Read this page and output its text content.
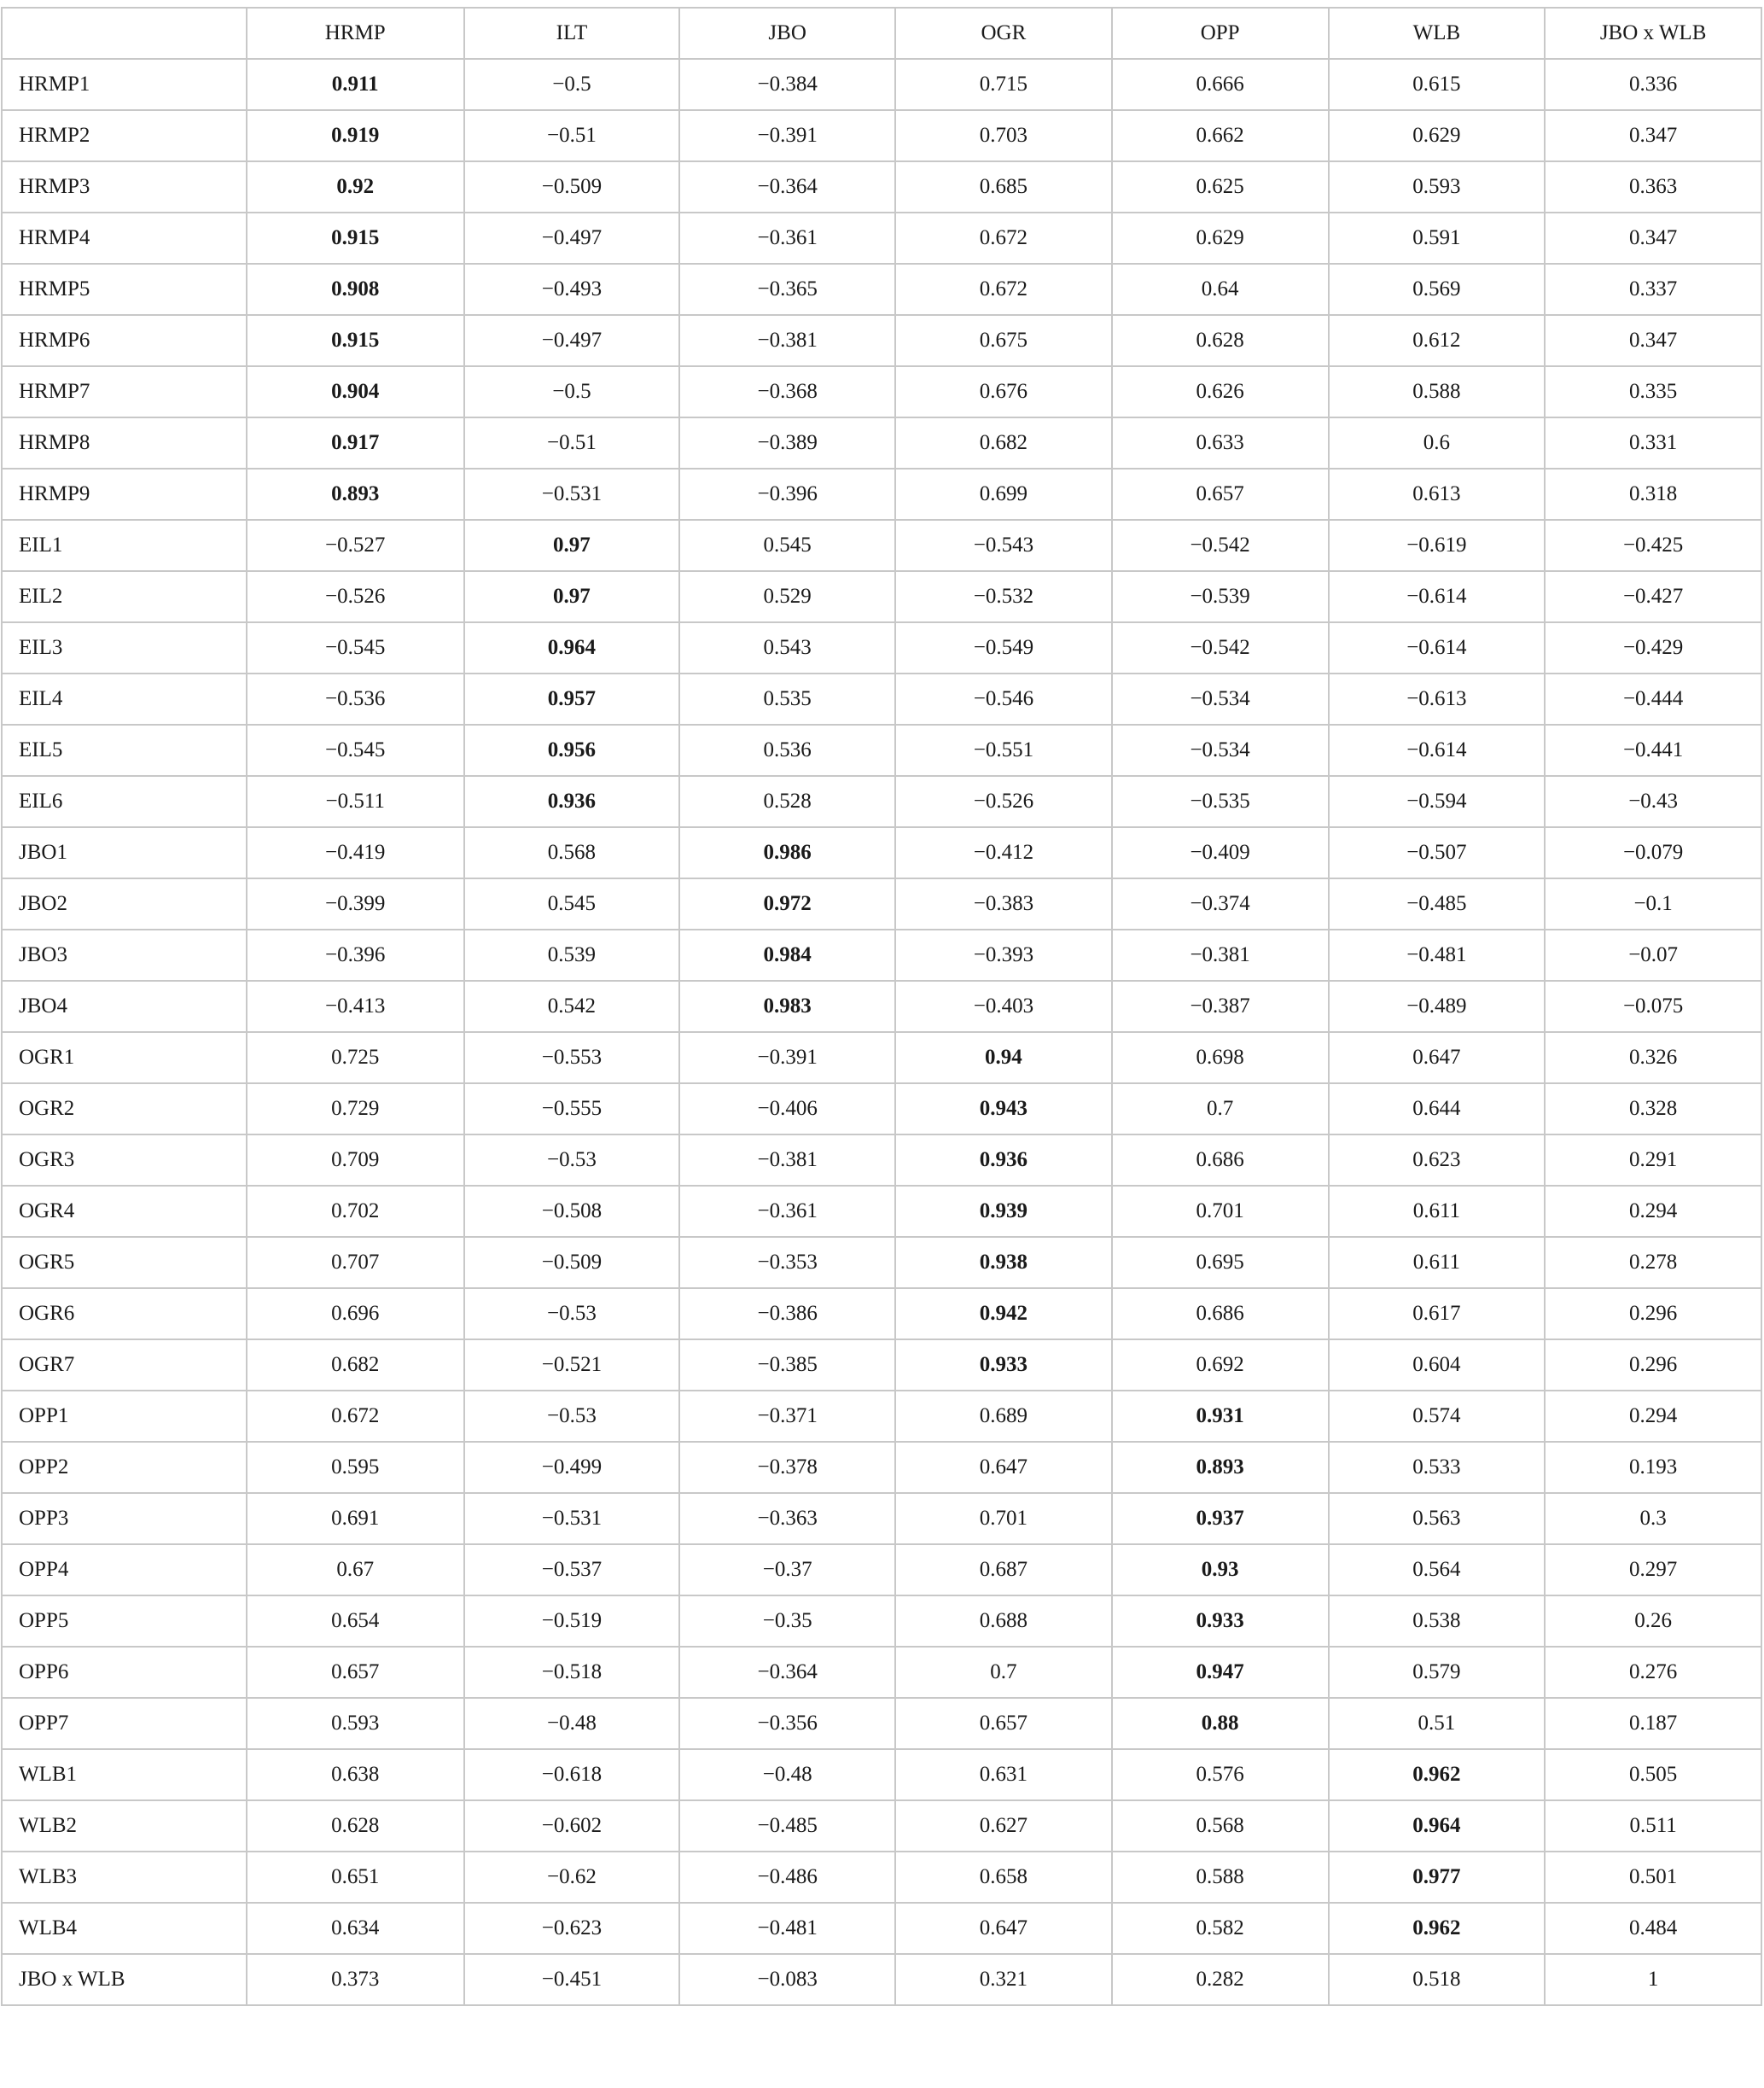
	HRMP	ILT	JBO	OGR	OPP	WLB	JBO x WLB
HRMP1	0.911	−0.5	−0.384	0.715	0.666	0.615	0.336
HRMP2	0.919	−0.51	−0.391	0.703	0.662	0.629	0.347
HRMP3	0.92	−0.509	−0.364	0.685	0.625	0.593	0.363
HRMP4	0.915	−0.497	−0.361	0.672	0.629	0.591	0.347
HRMP5	0.908	−0.493	−0.365	0.672	0.64	0.569	0.337
HRMP6	0.915	−0.497	−0.381	0.675	0.628	0.612	0.347
HRMP7	0.904	−0.5	−0.368	0.676	0.626	0.588	0.335
HRMP8	0.917	−0.51	−0.389	0.682	0.633	0.6	0.331
HRMP9	0.893	−0.531	−0.396	0.699	0.657	0.613	0.318
EIL1	−0.527	0.97	0.545	−0.543	−0.542	−0.619	−0.425
EIL2	−0.526	0.97	0.529	−0.532	−0.539	−0.614	−0.427
EIL3	−0.545	0.964	0.543	−0.549	−0.542	−0.614	−0.429
EIL4	−0.536	0.957	0.535	−0.546	−0.534	−0.613	−0.444
EIL5	−0.545	0.956	0.536	−0.551	−0.534	−0.614	−0.441
EIL6	−0.511	0.936	0.528	−0.526	−0.535	−0.594	−0.43
JBO1	−0.419	0.568	0.986	−0.412	−0.409	−0.507	−0.079
JBO2	−0.399	0.545	0.972	−0.383	−0.374	−0.485	−0.1
JBO3	−0.396	0.539	0.984	−0.393	−0.381	−0.481	−0.07
JBO4	−0.413	0.542	0.983	−0.403	−0.387	−0.489	−0.075
OGR1	0.725	−0.553	−0.391	0.94	0.698	0.647	0.326
OGR2	0.729	−0.555	−0.406	0.943	0.7	0.644	0.328
OGR3	0.709	−0.53	−0.381	0.936	0.686	0.623	0.291
OGR4	0.702	−0.508	−0.361	0.939	0.701	0.611	0.294
OGR5	0.707	−0.509	−0.353	0.938	0.695	0.611	0.278
OGR6	0.696	−0.53	−0.386	0.942	0.686	0.617	0.296
OGR7	0.682	−0.521	−0.385	0.933	0.692	0.604	0.296
OPP1	0.672	−0.53	−0.371	0.689	0.931	0.574	0.294
OPP2	0.595	−0.499	−0.378	0.647	0.893	0.533	0.193
OPP3	0.691	−0.531	−0.363	0.701	0.937	0.563	0.3
OPP4	0.67	−0.537	−0.37	0.687	0.93	0.564	0.297
OPP5	0.654	−0.519	−0.35	0.688	0.933	0.538	0.26
OPP6	0.657	−0.518	−0.364	0.7	0.947	0.579	0.276
OPP7	0.593	−0.48	−0.356	0.657	0.88	0.51	0.187
WLB1	0.638	−0.618	−0.48	0.631	0.576	0.962	0.505
WLB2	0.628	−0.602	−0.485	0.627	0.568	0.964	0.511
WLB3	0.651	−0.62	−0.486	0.658	0.588	0.977	0.501
WLB4	0.634	−0.623	−0.481	0.647	0.582	0.962	0.484
JBO x WLB	0.373	−0.451	−0.083	0.321	0.282	0.518	1
